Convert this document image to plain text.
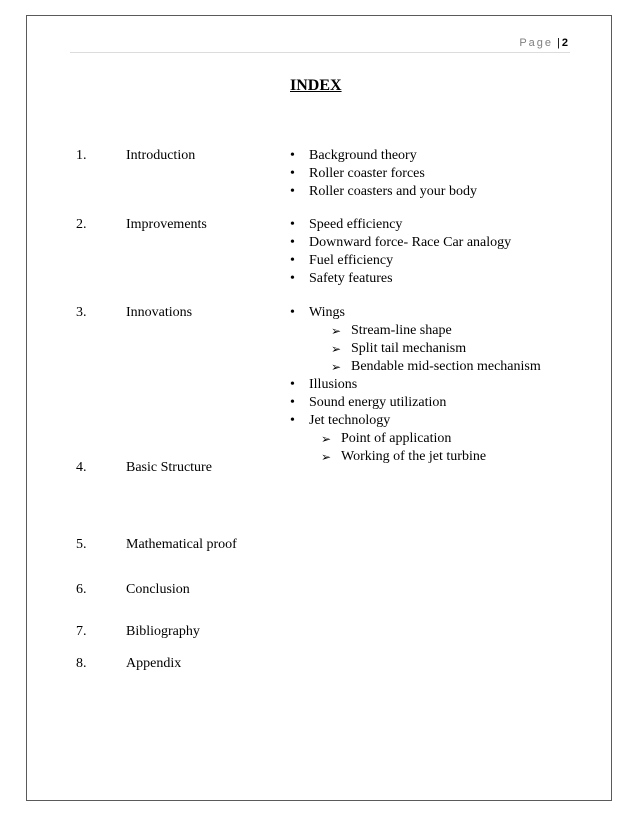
Page | 2
INDEX
1.	Introduction	• Background theory
• Roller coaster forces
• Roller coasters and your body
2.	Improvements	• Speed efficiency
• Downward force- Race Car analogy
• Fuel efficiency
• Safety features
3.	Innovations	• Wings
➢ Stream-line shape
➢ Split tail mechanism
➢ Bendable mid-section mechanism
• Illusions
• Sound energy utilization
• Jet technology
➢ Point of application
➢ Working of the jet turbine
4.	Basic Structure
5.	Mathematical proof
6.	Conclusion
7.	Bibliography
8.	Appendix
